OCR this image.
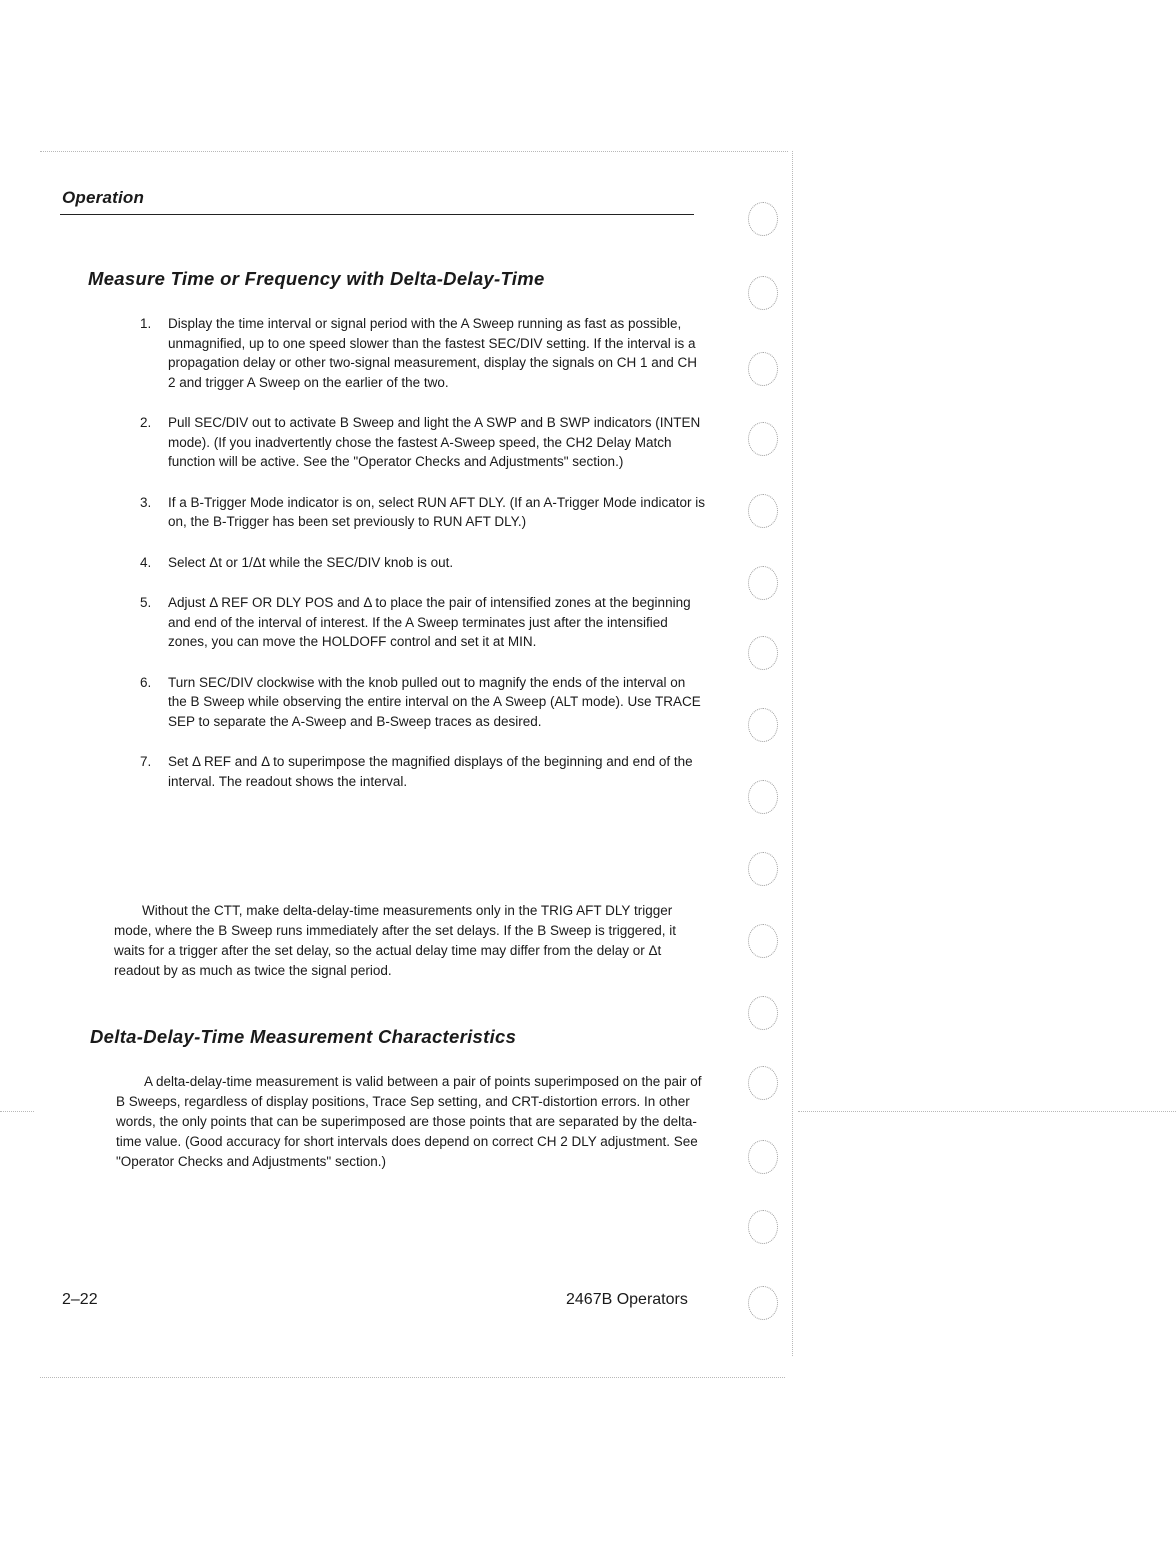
Operation
Measure Time or Frequency with Delta-Delay-Time
1. Display the time interval or signal period with the A Sweep running as fast as possible, unmagnified, up to one speed slower than the fastest SEC/DIV setting. If the interval is a propagation delay or other two-signal measurement, display the signals on CH 1 and CH 2 and trigger A Sweep on the earlier of the two.
2. Pull SEC/DIV out to activate B Sweep and light the A SWP and B SWP indicators (INTEN mode). (If you inadvertently chose the fastest A-Sweep speed, the CH2 Delay Match function will be active. See the "Operator Checks and Adjustments" section.)
3. If a B-Trigger Mode indicator is on, select RUN AFT DLY. (If an A-Trigger Mode indicator is on, the B-Trigger has been set previously to RUN AFT DLY.)
4. Select Δt or 1/Δt while the SEC/DIV knob is out.
5. Adjust Δ REF OR DLY POS and Δ to place the pair of intensified zones at the beginning and end of the interval of interest. If the A Sweep terminates just after the intensified zones, you can move the HOLDOFF control and set it at MIN.
6. Turn SEC/DIV clockwise with the knob pulled out to magnify the ends of the interval on the B Sweep while observing the entire interval on the A Sweep (ALT mode). Use TRACE SEP to separate the A-Sweep and B-Sweep traces as desired.
7. Set Δ REF and Δ to superimpose the magnified displays of the beginning and end of the interval. The readout shows the interval.

Without the CTT, make delta-delay-time measurements only in the TRIG AFT DLY trigger mode, where the B Sweep runs immediately after the set delays. If the B Sweep is triggered, it waits for a trigger after the set delay, so the actual delay time may differ from the delay or Δt readout by as much as twice the signal period.

Delta-Delay-Time Measurement Characteristics

A delta-delay-time measurement is valid between a pair of points superimposed on the pair of B Sweeps, regardless of display positions, Trace Sep setting, and CRT-distortion errors. In other words, the only points that can be superimposed are those points that are separated by the delta-time value. (Good accuracy for short intervals does depend on correct CH 2 DLY adjustment. See "Operator Checks and Adjustments" section.)

2–22	2467B Operators
